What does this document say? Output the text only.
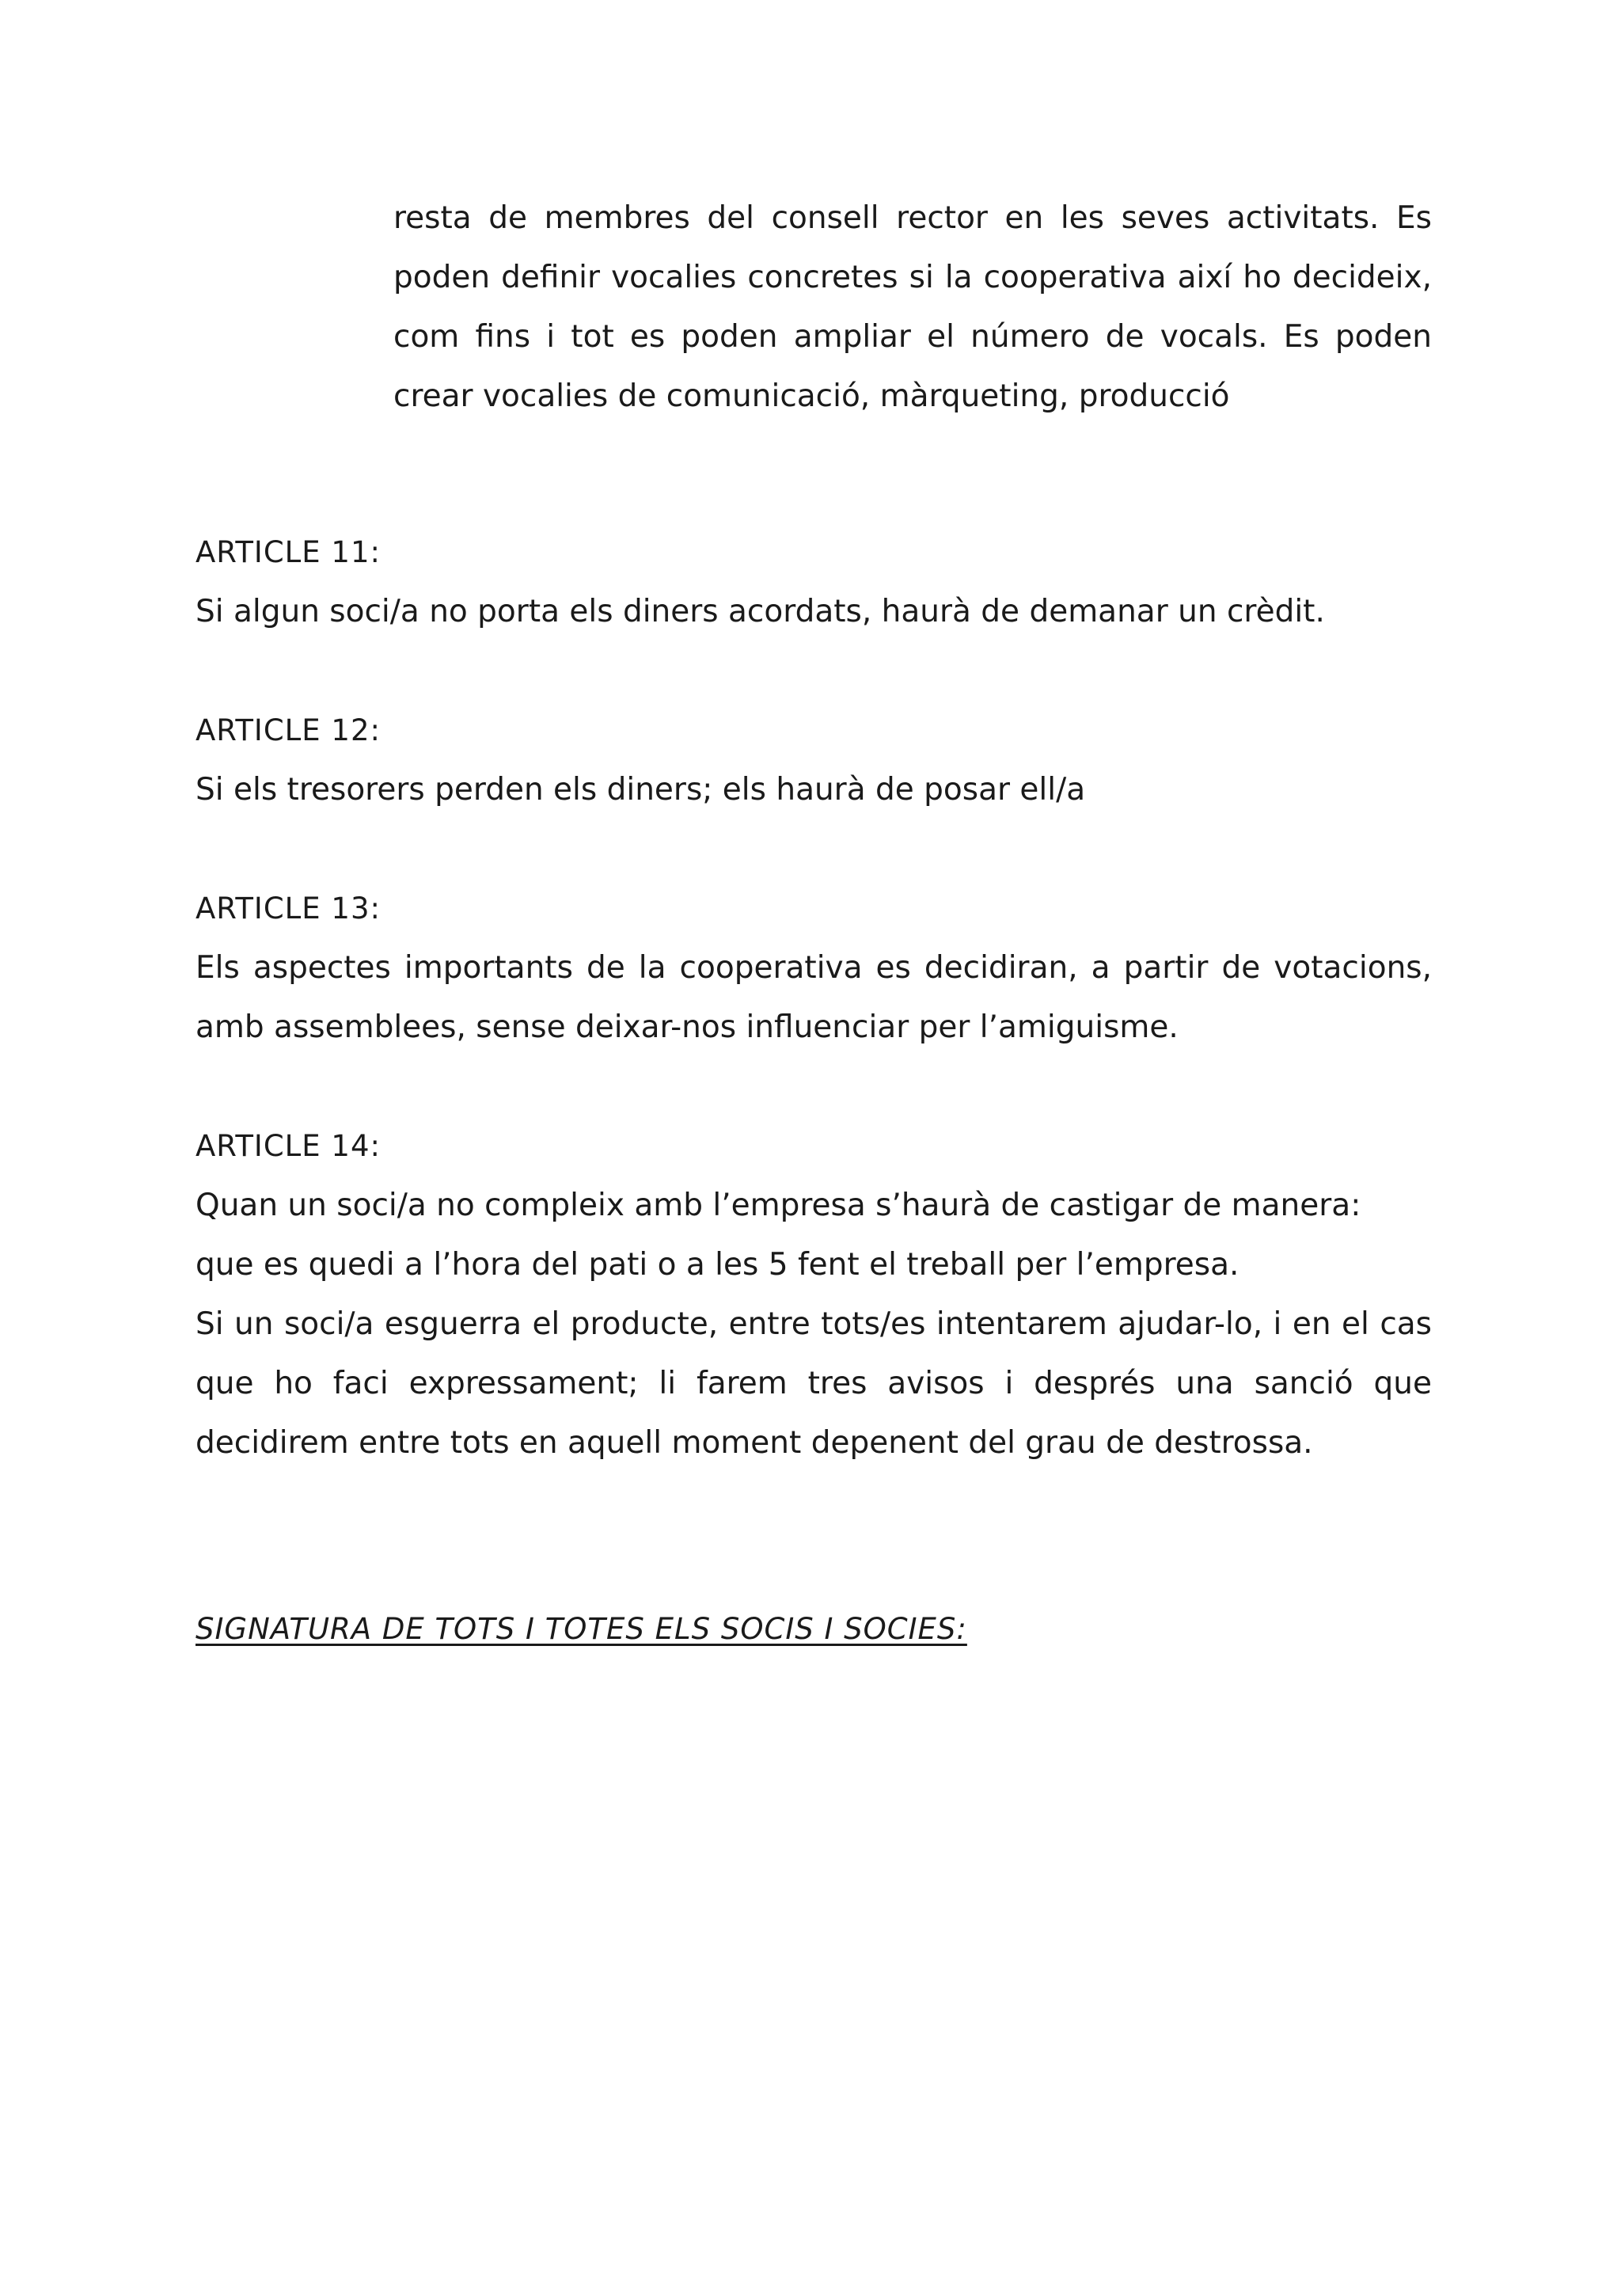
resta de membres del consell rector en les seves activitats. Es poden definir vocalies concretes si la cooperativa així ho decideix, com fins i tot es poden ampliar el número de vocals. Es poden crear vocalies de comunicació, màrqueting, producció

ARTICLE 11:

Si algun soci/a no porta els diners acordats, haurà de demanar un crèdit.

ARTICLE 12:

Si els tresorers perden els diners; els haurà de posar ell/a

ARTICLE 13:

Els aspectes importants de la cooperativa es decidiran, a partir de votacions, amb assemblees, sense deixar-nos influenciar per l’amiguisme.

ARTICLE 14:

Quan un soci/a no compleix amb l’empresa s’haurà de castigar de manera:

que es quedi a l’hora del pati o a les 5 fent el treball per l’empresa.

Si un soci/a esguerra el producte, entre tots/es intentarem ajudar-lo, i en el cas que ho faci expressament; li farem tres avisos i després una sanció que decidirem entre tots en aquell moment depenent del grau de destrossa.

SIGNATURA DE TOTS I TOTES ELS SOCIS I SOCIES:
